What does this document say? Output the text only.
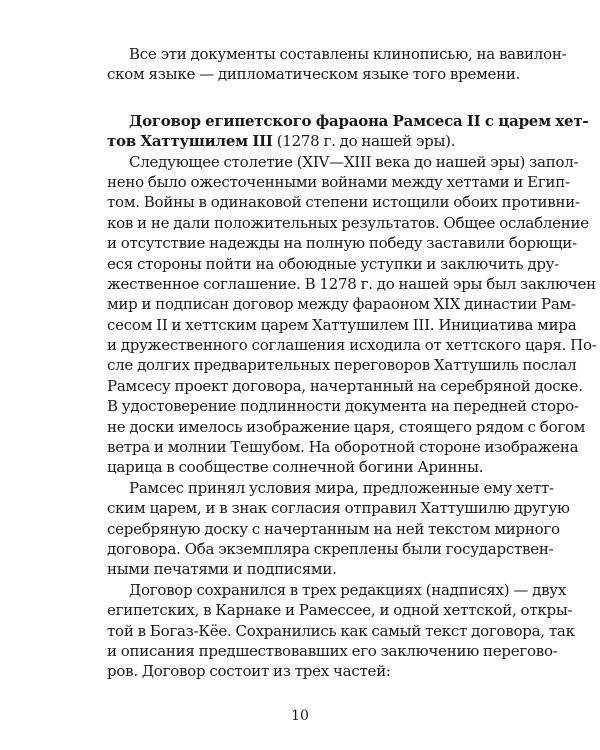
Все эти документы составлены клинописью, на вавилон-
ском языке — дипломатическом языке того времени.
Договор египетского фараона Рамсеса II с царем хет-
тов Хаттушилем III (1278 г. до нашей эры).
Следующее столетие (XIV—XIII века до нашей эры) запол-
нено было ожесточенными войнами между хеттами и Егип-
том. Войны в одинаковой степени истощили обоих противни-
ков и не дали положительных результатов. Общее ослабление
и отсутствие надежды на полную победу заставили борющи-
еся стороны пойти на обоюдные уступки и заключить дру-
жественное соглашение. В 1278 г. до нашей эры был заключен
мир и подписан договор между фараоном XIX династии Рам-
сесом II и хеттским царем Хаттушилем III. Инициатива мира
и дружественного соглашения исходила от хеттского царя. По-
сле долгих предварительных переговоров Хаттушиль послал
Рамсесу проект договора, начертанный на серебряной доске.
В удостоверение подлинности документа на передней сторо-
не доски имелось изображение царя, стоящего рядом с богом
ветра и молнии Тешубом. На оборотной стороне изображена
царица в сообществе солнечной богини Аринны.
Рамсес принял условия мира, предложенные ему хетт-
ским царем, и в знак согласия отправил Хаттушилю другую
серебряную доску с начертанным на ней текстом мирного
договора. Оба экземпляра скреплены были государствен-
ными печатями и подписями.
Договор сохранился в трех редакциях (надписях) — двух
египетских, в Карнаке и Рамессее, и одной хеттской, откры-
той в Богаз-Кёе. Сохранились как самый текст договора, так
и описания предшествовавших его заключению перегово-
ров. Договор состоит из трех частей:
10
